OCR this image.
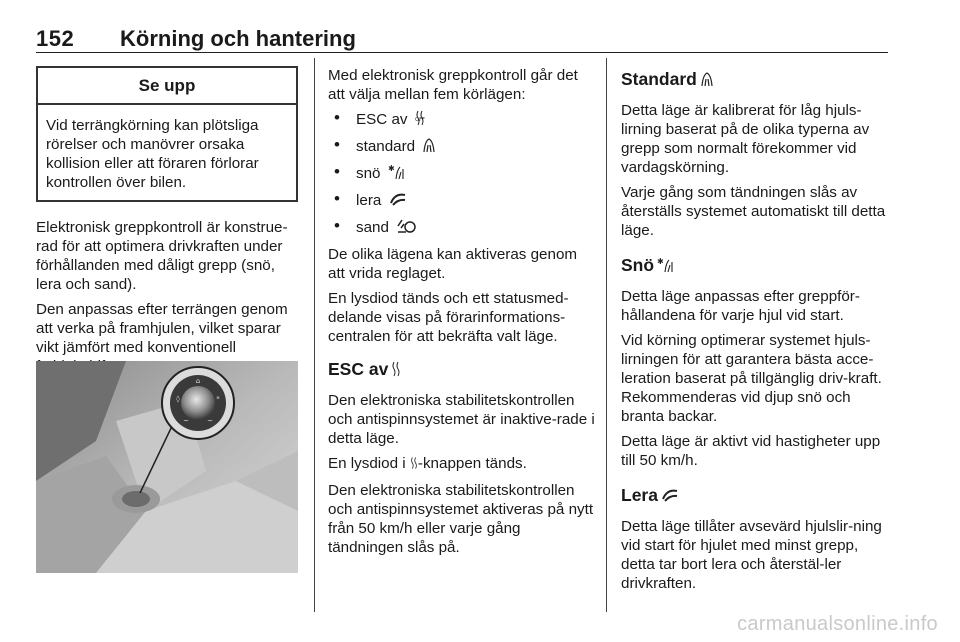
152 Körning och hantering
Se upp
Vid terrängkörning kan plötsliga rörelser och manövrer orsaka kollision eller att föraren förlorar kontrollen över bilen.

Elektronisk greppkontroll är konstrue-rad för att optimera drivkraften under förhållanden med dåligt grepp (snö, lera och sand).

Den anpassas efter terrängen genom att verka på framhjulen, vilket sparar vikt jämfört med konventionell

⌂
◊	*
~	~

Med elektronisk greppkontroll går det att välja mellan fem körlägen:

• ESC av OFF
• standard
• snö ✱
• lera
• sand

De olika lägena kan aktiveras genom att vrida reglaget.

En lysdiod tänds och ett statusmed-delande visas på förarinformations-centralen för att bekräfta valt läge.

ESC av

Den elektroniska stabilitetskontrollen och antispinnsystemet är inaktive-rade i detta läge.

En lysdiod i -knappen tänds.

Den elektroniska stabilitetskontrollen och antispinnsystemet aktiveras på nytt från 50 km/h eller varje gång tändningen slås på.

Standard

Detta läge är kalibrerat för låg hjuls-lirning baserat på de olika typerna av grepp som normalt förekommer vid vardagskörning.

Varje gång som tändningen slås av återställs systemet automatiskt till detta läge.

Snö ✱

Detta läge anpassas efter greppför-hållandena för varje hjul vid start.

Vid körning optimerar systemet hjuls-lirningen för att garantera bästa acce-leration baserat på tillgänglig driv-kraft. Rekommenderas vid djup snö och branta backar.

Detta läge är aktivt vid hastigheter upp till 50 km/h.

Lera

Detta läge tillåter avsevärd hjulslir-ning vid start för hjulet med minst grepp, detta tar bort lera och återstäl-ler drivkraften.

carmanualsonline.info
